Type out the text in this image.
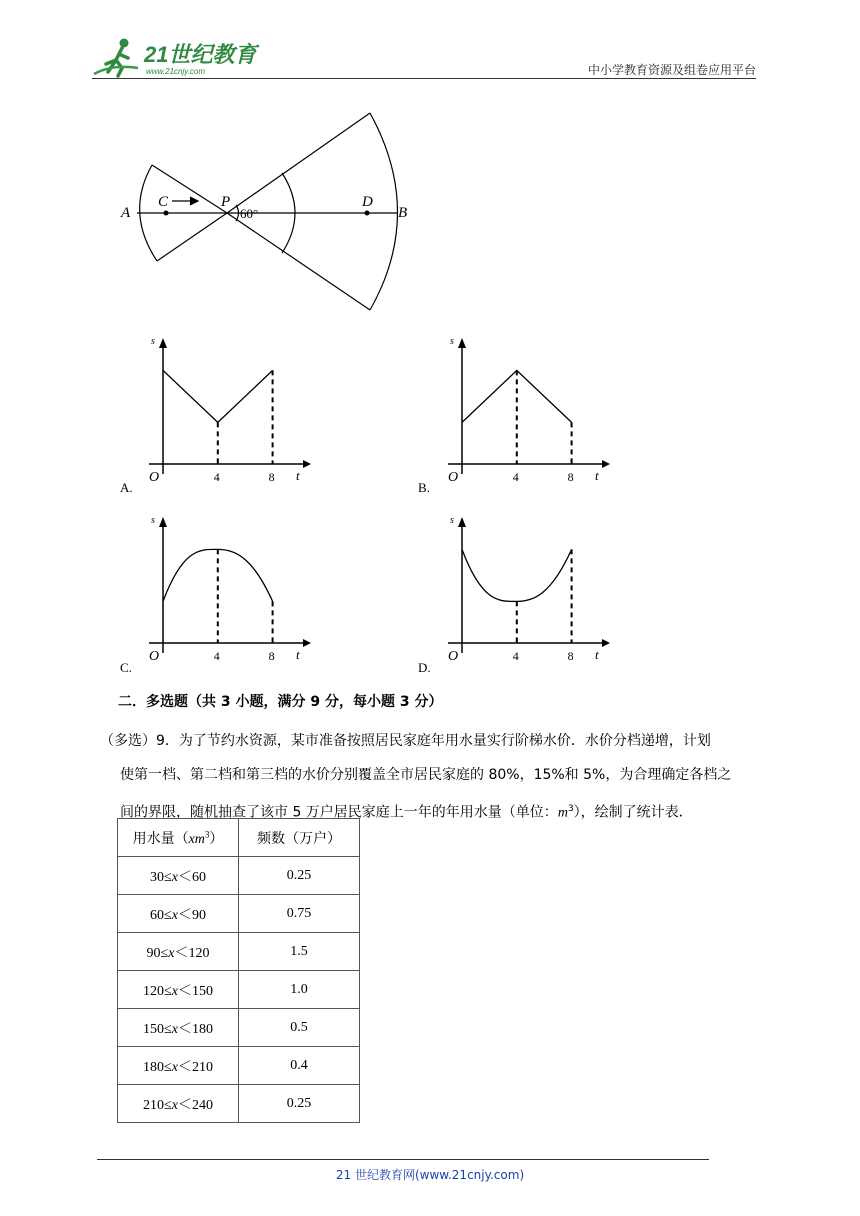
21世纪教育
www.21cnjy.com	中小学教育资源及组卷应用平台
A	B
C	P	D
60°
s
t
O	4	8
A.
s
t
O	4	8
B.
s
t
O	4	8
C.
s
t
O	4	8
D.
二．多选题（共 3 小题，满分 9 分，每小题 3 分）
（多选）9．为了节约水资源，某市准备按照居民家庭年用水量实行阶梯水价．水价分档递增，计划
使第一档、第二档和第三档的水价分别覆盖全市居民家庭的 80%，15%和 5%，为合理确定各档之
间的界限，随机抽查了该市 5 万户居民家庭上一年的年用水量（单位：$m^3$），绘制了统计表．
用水量$(xm^3)$	频数（万户）
30≤x＜60	0.25
60≤x＜90	0.75
90≤x＜120	1.5
120≤x＜150	1.0
150≤x＜180	0.5
180≤x＜210	0.4
210≤x＜240	0.25
21 世纪教育网(www.21cnjy.com)
